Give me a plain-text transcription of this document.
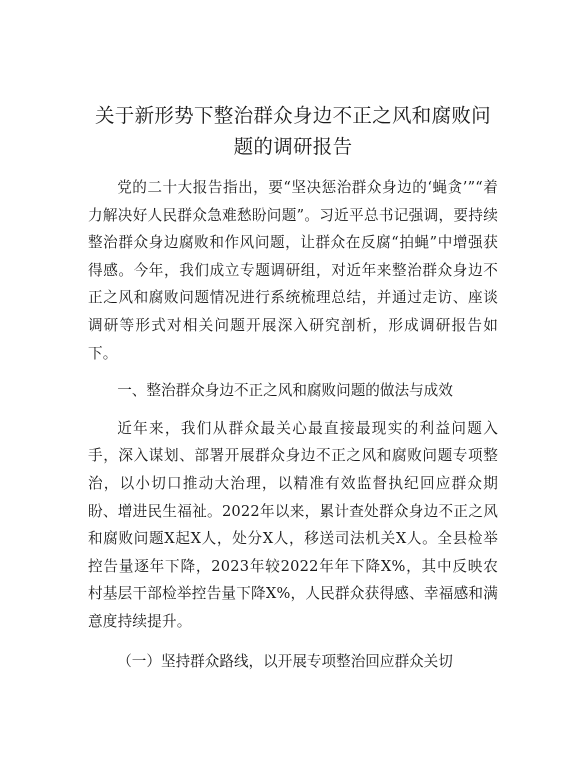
关于新形势下整治群众身边不正之风和腐败问题的调研报告

党的二十大报告指出，要“坚决惩治群众身边的‘蝇贪’”“着力解决好人民群众急难愁盼问题”。习近平总书记强调，要持续整治群众身边腐败和作风问题，让群众在反腐“拍蝇”中增强获得感。今年，我们成立专题调研组，对近年来整治群众身边不正之风和腐败问题情况进行系统梳理总结，并通过走访、座谈调研等形式对相关问题开展深入研究剖析，形成调研报告如下。

一、整治群众身边不正之风和腐败问题的做法与成效

近年来，我们从群众最关心最直接最现实的利益问题入手，深入谋划、部署开展群众身边不正之风和腐败问题专项整治，以小切口推动大治理，以精准有效监督执纪回应群众期盼、增进民生福祉。2022年以来，累计查处群众身边不正之风和腐败问题X起X人，处分X人，移送司法机关X人。全县检举控告量逐年下降，2023年较2022年年下降X%，其中反映农村基层干部检举控告量下降X%，人民群众获得感、幸福感和满意度持续提升。

（一）坚持群众路线，以开展专项整治回应群众关切
